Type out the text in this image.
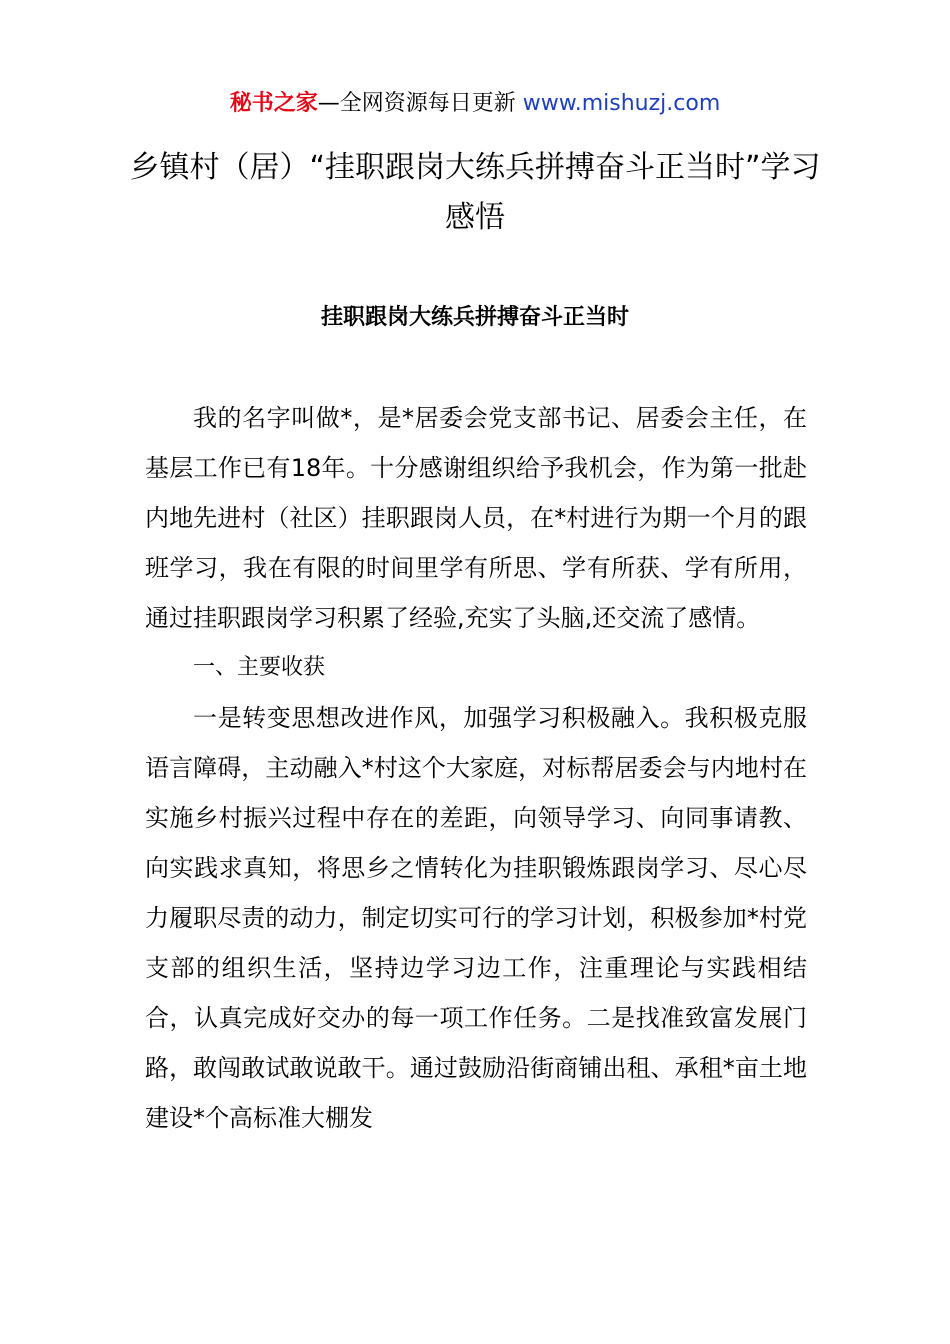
秘书之家—全网资源每日更新 www.mishuzj.com
乡镇村（居）“挂职跟岗大练兵拼搏奋斗正当时”学习感悟
挂职跟岗大练兵拼搏奋斗正当时

我的名字叫做*，是*居委会党支部书记、居委会主任，在基层工作已有18年。十分感谢组织给予我机会，作为第一批赴内地先进村（社区）挂职跟岗人员，在*村进行为期一个月的跟班学习，我在有限的时间里学有所思、学有所获、学有所用，通过挂职跟岗学习积累了经验,充实了头脑,还交流了感情。

一、主要收获

一是转变思想改进作风，加强学习积极融入。我积极克服语言障碍，主动融入*村这个大家庭，对标帮居委会与内地村在实施乡村振兴过程中存在的差距，向领导学习、向同事请教、向实践求真知，将思乡之情转化为挂职锻炼跟岗学习、尽心尽力履职尽责的动力，制定切实可行的学习计划，积极参加*村党支部的组织生活，坚持边学习边工作，注重理论与实践相结合，认真完成好交办的每一项工作任务。二是找准致富发展门路，敢闯敢试敢说敢干。通过鼓励沿街商铺出租、承租*亩土地建设*个高标准大棚发
